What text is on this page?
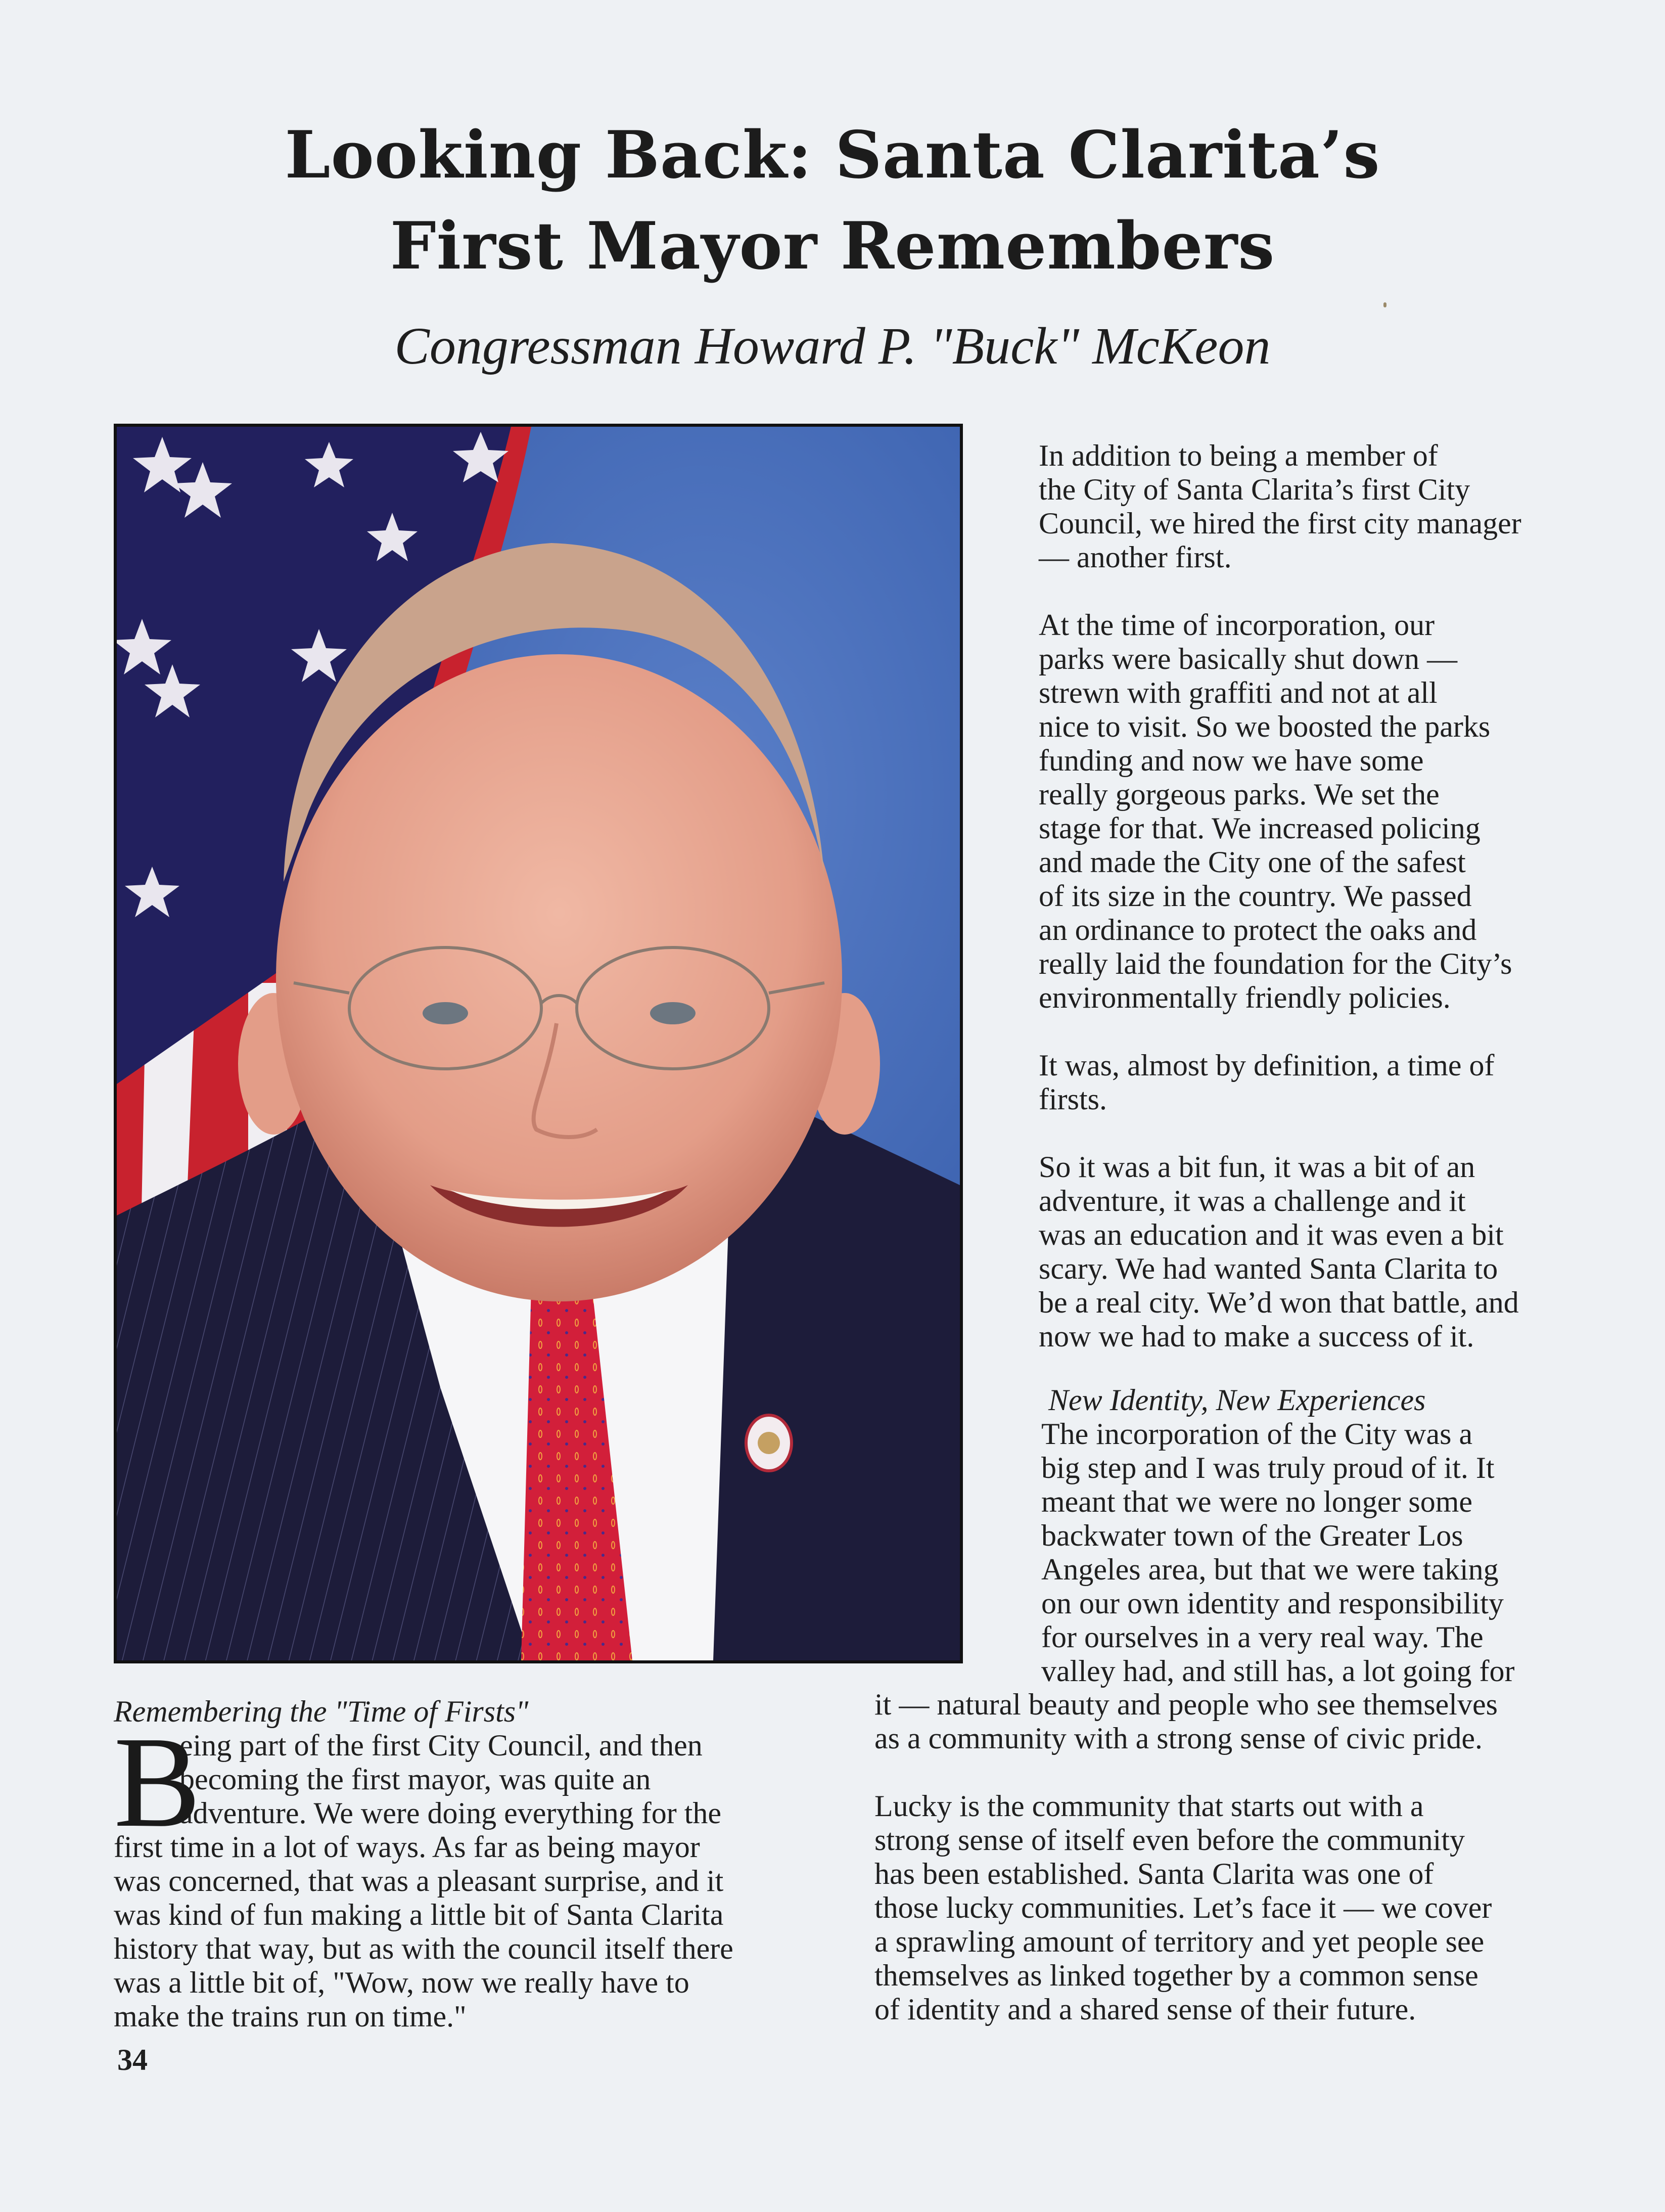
Looking Back: Santa Clarita’s
First Mayor Remembers
Congressman Howard P. "Buck" McKeon
In addition to being a member of
the City of Santa Clarita’s first City
Council, we hired the first city manager
— another first.
At the time of incorporation, our
parks were basically shut down —
strewn with graffiti and not at all
nice to visit. So we boosted the parks
funding and now we have some
really gorgeous parks. We set the
stage for that. We increased policing
and made the City one of the safest
of its size in the country. We passed
an ordinance to protect the oaks and
really laid the foundation for the City’s
environmentally friendly policies.
It was, almost by definition, a time of
firsts.
So it was a bit fun, it was a bit of an
adventure, it was a challenge and it
was an education and it was even a bit
scary. We had wanted Santa Clarita to
be a real city. We’d won that battle, and
now we had to make a success of it.
New Identity, New Experiences
The incorporation of the City was a
big step and I was truly proud of it. It
meant that we were no longer some
backwater town of the Greater Los
Angeles area, but that we were taking
on our own identity and responsibility
for ourselves in a very real way. The
valley had, and still has, a lot going for
it — natural beauty and people who see themselves
as a community with a strong sense of civic pride.
Lucky is the community that starts out with a
strong sense of itself even before the community
has been established. Santa Clarita was one of
those lucky communities. Let’s face it — we cover
a sprawling amount of territory and yet people see
themselves as linked together by a common sense
of identity and a shared sense of their future.
Remembering the "Time of Firsts"
B
eing part of the first City Council, and then
becoming the first mayor, was quite an
adventure. We were doing everything for the
first time in a lot of ways. As far as being mayor
was concerned, that was a pleasant surprise, and it
was kind of fun making a little bit of Santa Clarita
history that way, but as with the council itself there
was a little bit of, "Wow, now we really have to
make the trains run on time."
34
